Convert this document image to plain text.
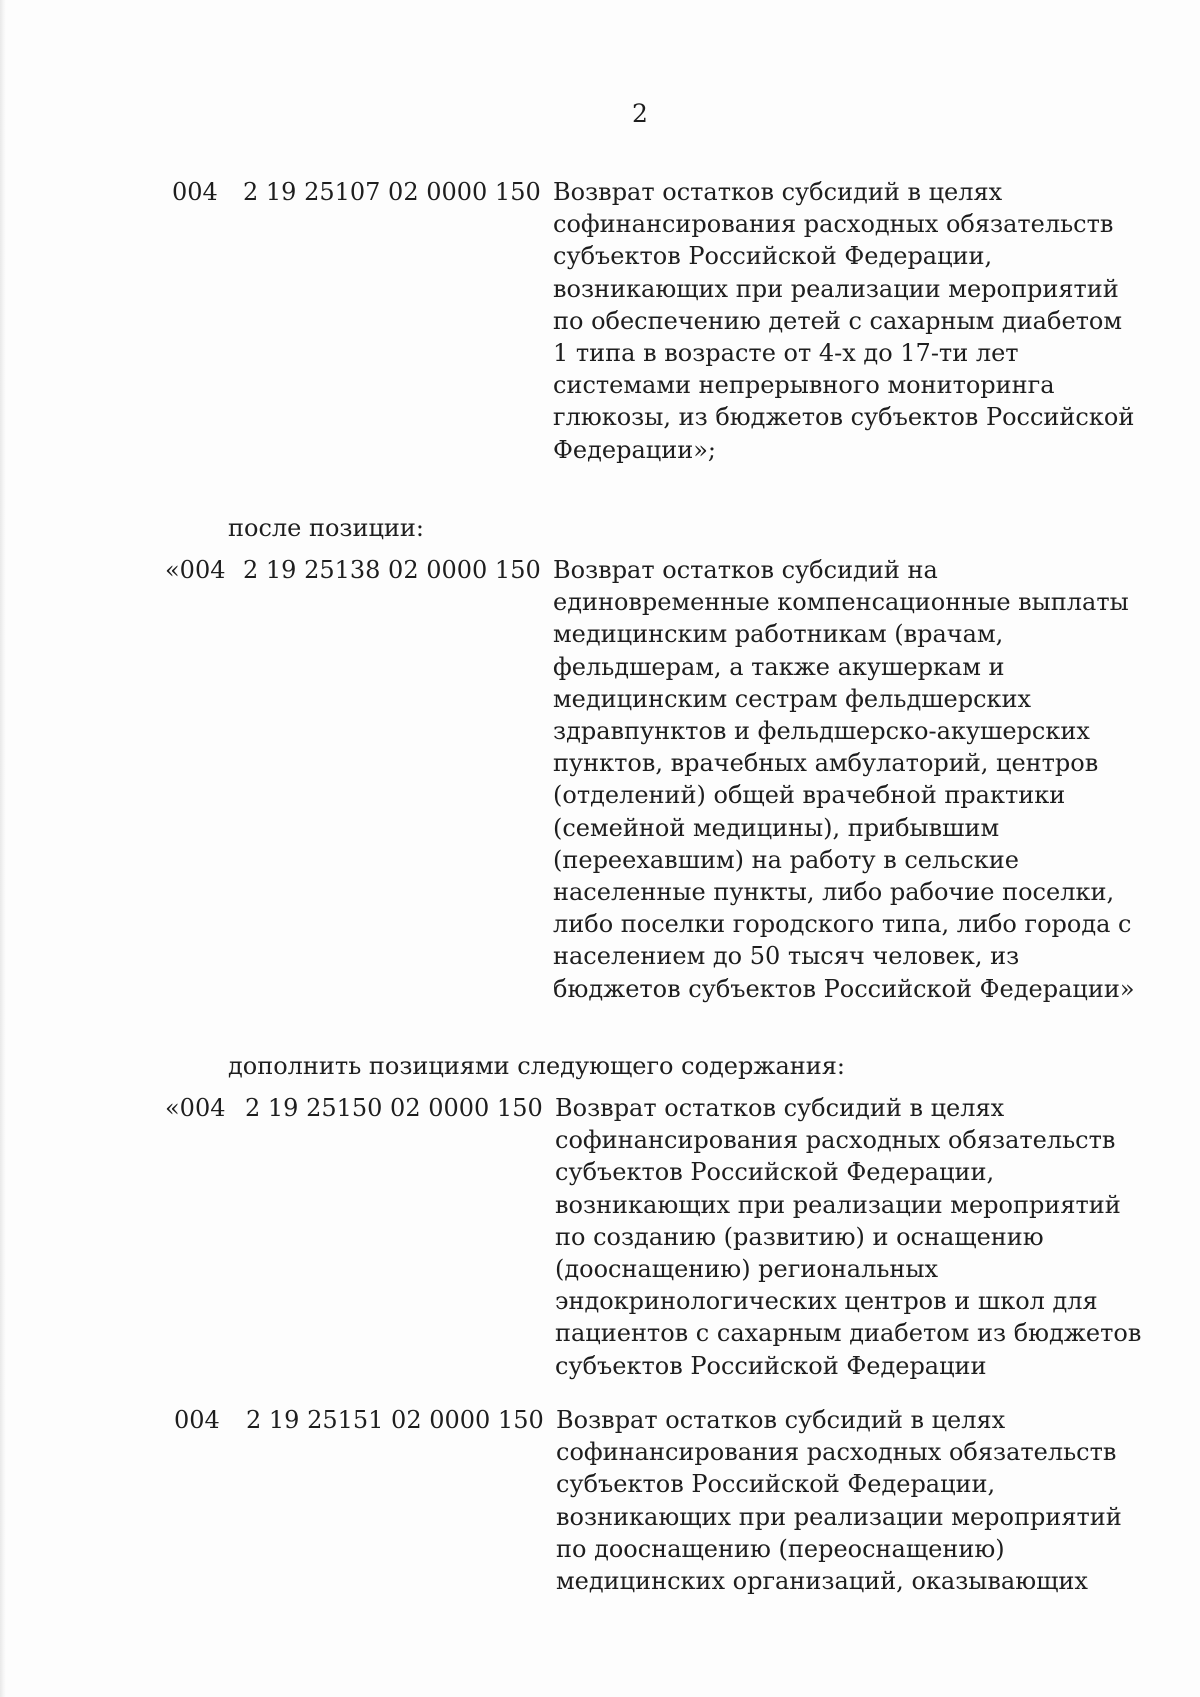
2
004 2 19 25107 02 0000 150 Возврат остатков субсидий в целях
софинансирования расходных обязательств
субъектов Российской Федерации,
возникающих при реализации мероприятий
по обеспечению детей с сахарным диабетом
1 типа в возрасте от 4-х до 17-ти лет
системами непрерывного мониторинга
глюкозы, из бюджетов субъектов Российской
Федерации»;

после позиции:
«004 2 19 25138 02 0000 150 Возврат остатков субсидий на
единовременные компенсационные выплаты
медицинским работникам (врачам,
фельдшерам, а также акушеркам и
медицинским сестрам фельдшерских
здравпунктов и фельдшерско-акушерских
пунктов, врачебных амбулаторий, центров
(отделений) общей врачебной практики
(семейной медицины), прибывшим
(переехавшим) на работу в сельские
населенные пункты, либо рабочие поселки,
либо поселки городского типа, либо города с
населением до 50 тысяч человек, из
бюджетов субъектов Российской Федерации»

дополнить позициями следующего содержания:
«004 2 19 25150 02 0000 150 Возврат остатков субсидий в целях
софинансирования расходных обязательств
субъектов Российской Федерации,
возникающих при реализации мероприятий
по созданию (развитию) и оснащению
(дооснащению) региональных
эндокринологических центров и школ для
пациентов с сахарным диабетом из бюджетов
субъектов Российской Федерации

004 2 19 25151 02 0000 150 Возврат остатков субсидий в целях
софинансирования расходных обязательств
субъектов Российской Федерации,
возникающих при реализации мероприятий
по дооснащению (переоснащению)
медицинских организаций, оказывающих
